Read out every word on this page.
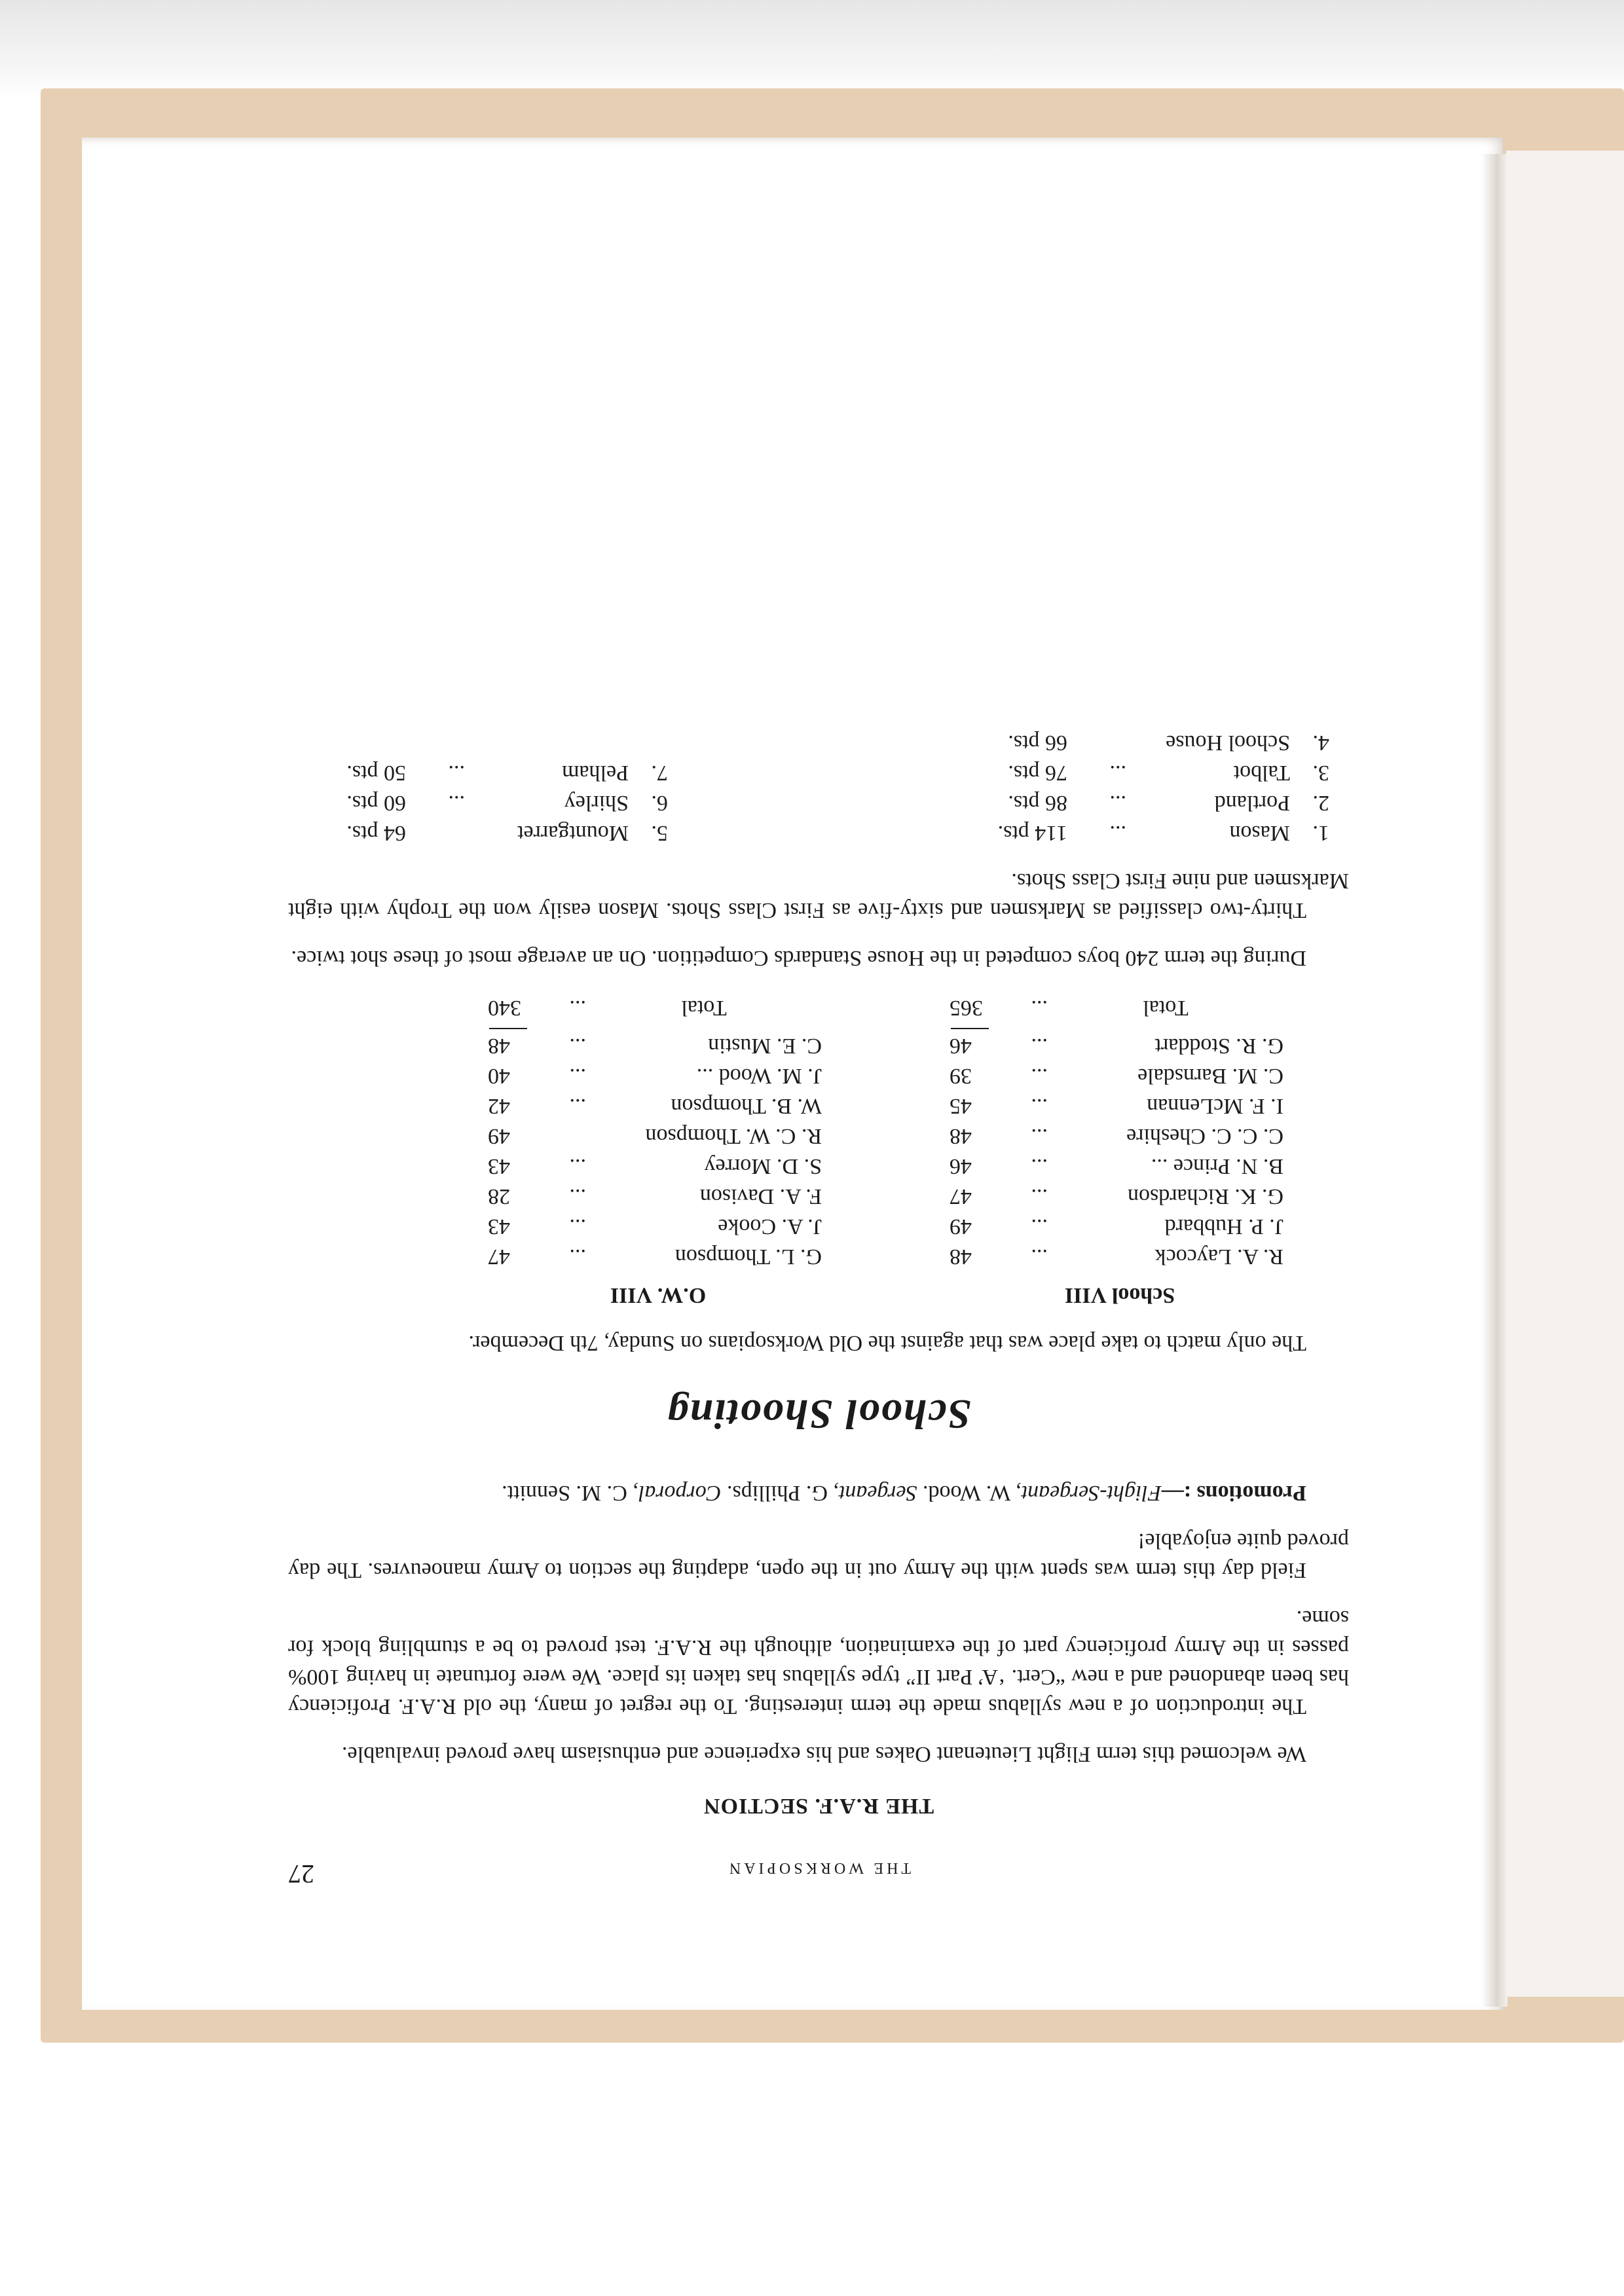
THE WORKSOPIAN
27
THE R.A.F. SECTION

We welcomed this term Flight Lieutenant Oakes and his experience and enthusiasm have proved invaluable.

The introduction of a new syllabus made the term interesting. To the regret of many, the old R.A.F. Proficiency has been abandoned and a new “Cert. ‘A’ Part II” type syllabus has taken its place. We were fortunate in having 100% passes in the Army proficiency part of the examination, although the R.A.F. test proved to be a stumbling block for some.

Field day this term was spent with the Army out in the open, adapting the section to Army manoeuvres. The day proved quite enjoyable!

Promotions :—Flight-Sergeant, W. Wood. Sergeant, G. Phillips. Corporal, C. M. Sennitt.

School Shooting

The only match to take place was that against the Old Worksopians on Sunday, 7th December.

School VIII
R. A. Laycock
...
48
J. P. Hubbard
...
49
G. K. Richardson
...
47
B. N. Prince ...
...
46
C. C. C. Cheshire
...
48
I. F. McLennan
...
45
C. M. Barnsdale
...
39
G. R. Stoddart
...
46
Total
...
365
O.W. VIII
G. L. Thompson
...
47
J. A. Cooke
...
43
F. A. Davison
...
28
S. D. Morrey
...
43
R. C. W. Thompson
49
W. B. Thompson
...
42
J. M. Wood ...
...
40
C. E. Mustin
...
48
Total
...
340

During the term 240 boys competed in the House Standards Competition. On an average most of these shot twice.

Thirty-two classified as Marksmen and sixty-five as First Class Shots. Mason easily won the Trophy with eight Marksmen and nine First Class Shots.

1.
Mason
...
114 pts.
5.
Mountgarret
64 pts.
2.
Portland
...
86 pts.
6.
Shirley
...
60 pts.
3.
Talbot
...
76 pts.
7.
Pelham
...
50 pts.
4.
School House
66 pts.
